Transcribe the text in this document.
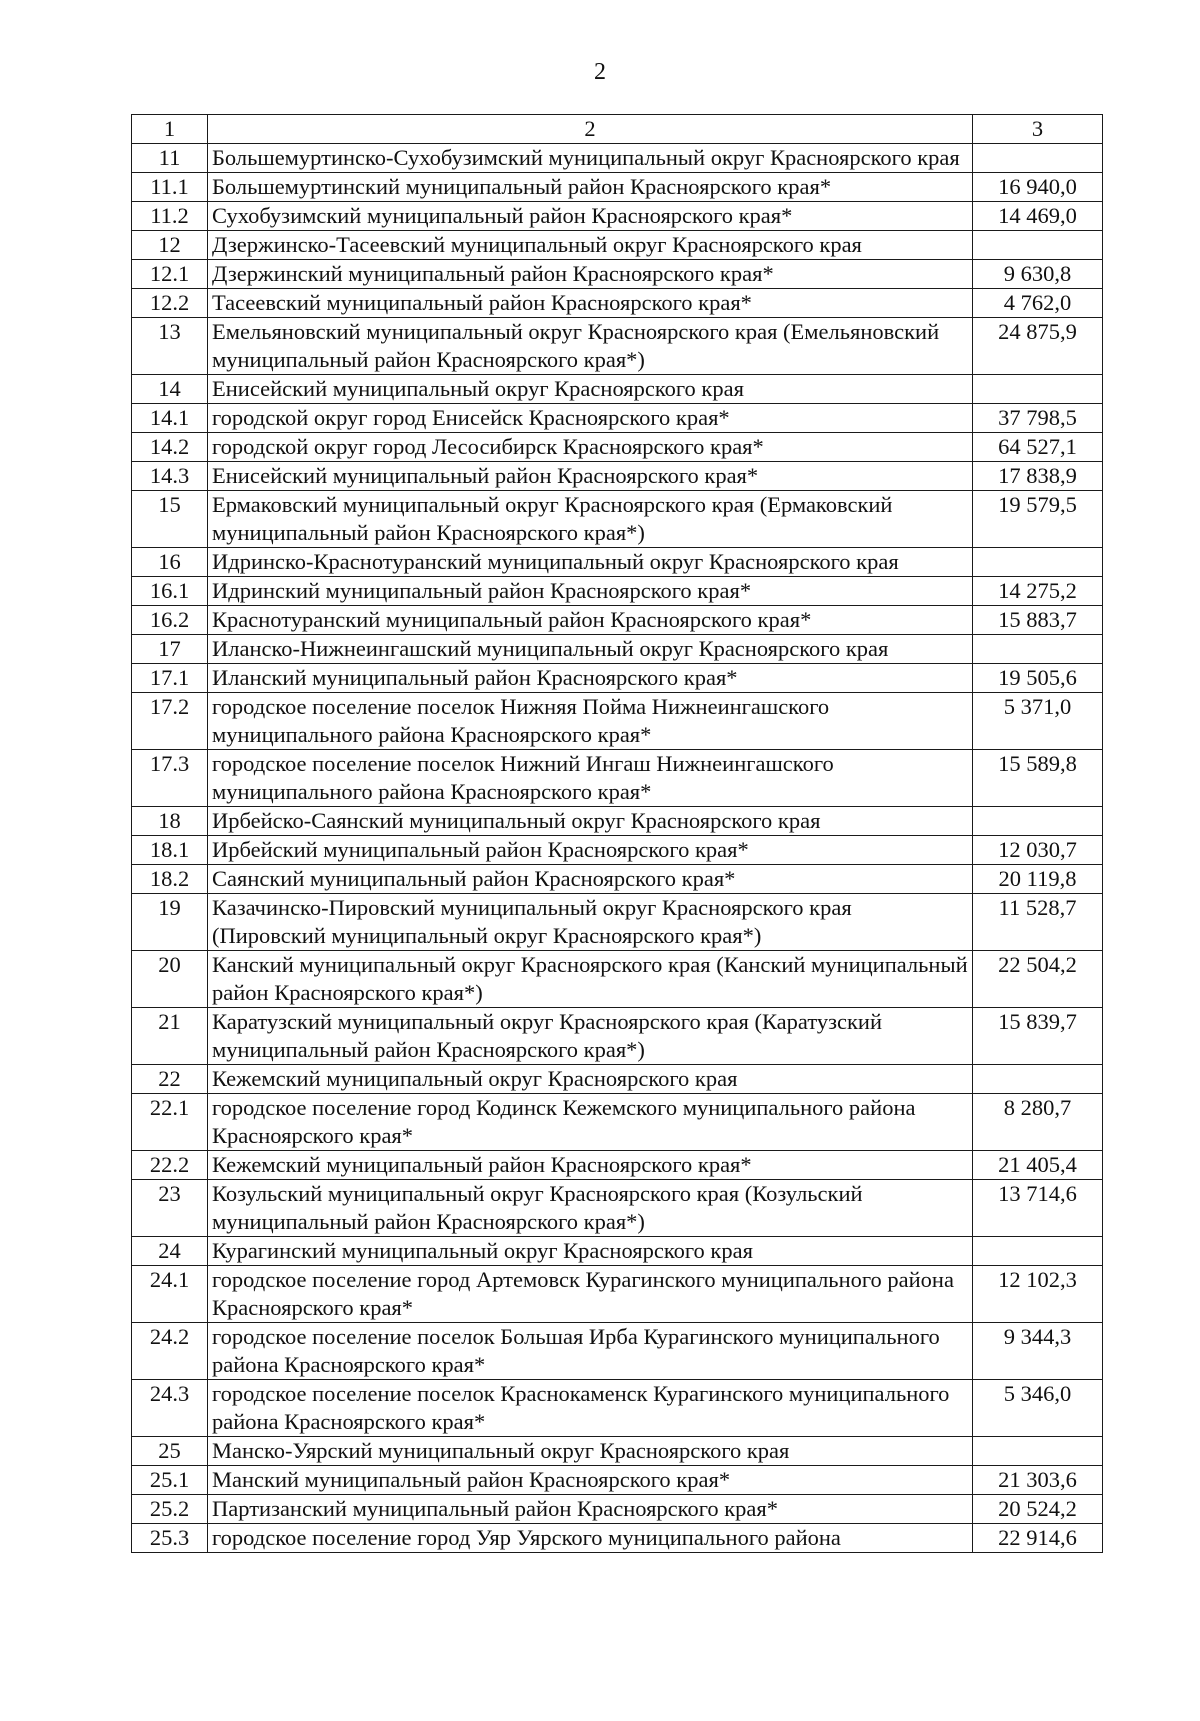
2
1	2	3
11	Большемуртинско-Сухобузимский муниципальный округ Красноярского края	
11.1	Большемуртинский муниципальный район Красноярского края*	16 940,0
11.2	Сухобузимский муниципальный район Красноярского края*	14 469,0
12	Дзержинско-Тасеевский муниципальный округ Красноярского края	
12.1	Дзержинский муниципальный район Красноярского края*	9 630,8
12.2	Тасеевский муниципальный район Красноярского края*	4 762,0
13	Емельяновский муниципальный округ Красноярского края (Емельяновский муниципальный район Красноярского края*)	24 875,9
14	Енисейский муниципальный округ Красноярского края	
14.1	городской округ город Енисейск Красноярского края*	37 798,5
14.2	городской округ город Лесосибирск Красноярского края*	64 527,1
14.3	Енисейский муниципальный район Красноярского края*	17 838,9
15	Ермаковский муниципальный округ Красноярского края (Ермаковский муниципальный район Красноярского края*)	19 579,5
16	Идринско-Краснотуранский муниципальный округ Красноярского края	
16.1	Идринский муниципальный район Красноярского края*	14 275,2
16.2	Краснотуранский муниципальный район Красноярского края*	15 883,7
17	Иланско-Нижнеингашский муниципальный округ Красноярского края	
17.1	Иланский муниципальный район Красноярского края*	19 505,6
17.2	городское поселение поселок Нижняя Пойма Нижнеингашского муниципального района Красноярского края*	5 371,0
17.3	городское поселение поселок Нижний Ингаш Нижнеингашского муниципального района Красноярского края*	15 589,8
18	Ирбейско-Саянский муниципальный округ Красноярского края	
18.1	Ирбейский муниципальный район Красноярского края*	12 030,7
18.2	Саянский муниципальный район Красноярского края*	20 119,8
19	Казачинско-Пировский муниципальный округ Красноярского края (Пировский муниципальный округ Красноярского края*)	11 528,7
20	Канский муниципальный округ Красноярского края (Канский муниципальный район Красноярского края*)	22 504,2
21	Каратузский муниципальный округ Красноярского края (Каратузский муниципальный район Красноярского края*)	15 839,7
22	Кежемский муниципальный округ Красноярского края	
22.1	городское поселение город Кодинск Кежемского муниципального района Красноярского края*	8 280,7
22.2	Кежемский муниципальный район Красноярского края*	21 405,4
23	Козульский муниципальный округ Красноярского края (Козульский муниципальный район Красноярского края*)	13 714,6
24	Курагинский муниципальный округ Красноярского края	
24.1	городское поселение город Артемовск Курагинского муниципального района Красноярского края*	12 102,3
24.2	городское поселение поселок Большая Ирба Курагинского муниципального района Красноярского края*	9 344,3
24.3	городское поселение поселок Краснокаменск Курагинского муниципального района Красноярского края*	5 346,0
25	Манско-Уярский муниципальный округ Красноярского края	
25.1	Манский муниципальный район Красноярского края*	21 303,6
25.2	Партизанский муниципальный район Красноярского края*	20 524,2
25.3	городское поселение город Уяр Уярского муниципального района	22 914,6
